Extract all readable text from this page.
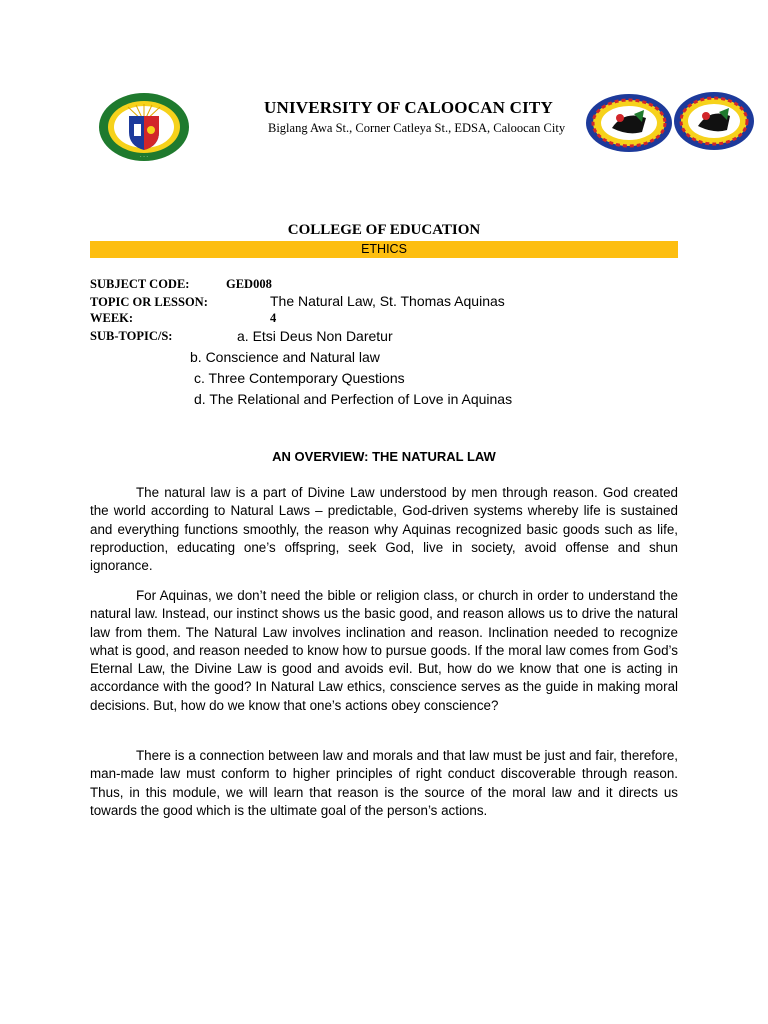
· · ·
UNIVERSITY OF CALOOCAN CITY
Biglang Awa St., Corner Catleya St., EDSA, Caloocan City
COLLEGE OF EDUCATION
ETHICS
SUBJECT CODE:	GED008
TOPIC OR LESSON:	The Natural Law, St. Thomas Aquinas
WEEK:	4
SUB-TOPIC/S:	a. Etsi Deus Non Daretur
b. Conscience and Natural law
c. Three Contemporary Questions
d. The Relational and Perfection of Love in Aquinas
AN OVERVIEW: THE NATURAL LAW

The natural law is a part of Divine Law understood by men through reason. God created the world according to Natural Laws – predictable, God-driven systems whereby life is sustained and everything functions smoothly, the reason why Aquinas recognized basic goods such as life, reproduction, educating one’s offspring, seek God, live in society, avoid offense and shun ignorance.

For Aquinas, we don’t need the bible or religion class, or church in order to understand the natural law. Instead, our instinct shows us the basic good, and reason allows us to drive the natural law from them. The Natural Law involves inclination and reason. Inclination needed to recognize what is good, and reason needed to know how to pursue goods. If the moral law comes from God’s Eternal Law, the Divine Law is good and avoids evil. But, how do we know that one is acting in accordance with the good? In Natural Law ethics, conscience serves as the guide in making moral decisions. But, how do we know that one’s actions obey conscience?

There is a connection between law and morals and that law must be just and fair, therefore, man-made law must conform to higher principles of right conduct discoverable through reason. Thus, in this module, we will learn that reason is the source of the moral law and it directs us towards the good which is the ultimate goal of the person’s actions.
